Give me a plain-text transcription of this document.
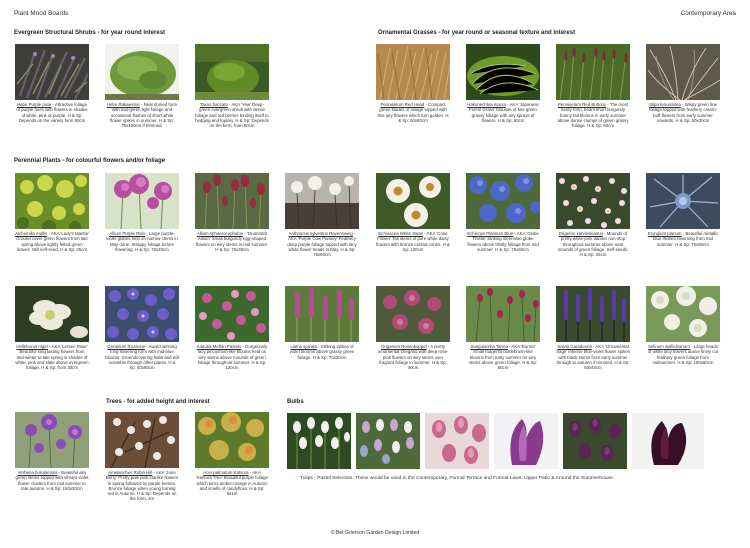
Plant Mood Boards	Contemporary Area
Evergreen Structural Shrubs - for year round interest	Ornamental Grasses - for year round or seasonal texture and interest
Perennial Plants - for colourful flowers and/or foliage
Trees - for added height and interest	Bulbs
Hebe Purple pixie - Attractive foliage of purple hues with flowers in shades of white, pink or purple. H & Sp: Depends on the variety form 60cm
Hebe Rakaiensis - Neat domed form with mid-green light foliage and occasional flushes of short white flower spikes in summer. H & Sp: 75x100cm if trimmed.
Taxus baccata - AKA 'Yew' Deep-green evergreen shrub with dense foliage and red berries lending itself to hedging and topiary. H & Sp: Depends on the form, from 60cm
Pennisetum Red Head - Compact green blades of foliage topped with fine airy flowers which turn golden. H & Sp: 60x60cm
Hakonechloa macra - AKA 'Japanese Forest Grass' Mounds of fine green grassy foliage with airy sprays of flowers. H & Sp: 50cm
Pennisetum Red Buttons - The most hardy form, bears short burgundy bunny tail blooms in early summer above dense clumps of green grassy foliage. H & Sp: 60cm
Stipa tenuissima - Wispy green fine foliage topped with feathery cream-buff flowers from early summer onwards. H & Sp: 50x30cm
Alchemilla mollis - AKA 'Lady's Mantle' Ground cover green flowers from late spring above lightly felted green leaves. Will self-seed. H & Sp: 45cm
Allium Purple Rain - Large purple-violet globes held on narrow stems in May-June. Strappy foliage before flowering. H & Sp: 70x20cm
Allium sphaerocephalon - 'Drumstick Allium' Small burgundy egg-shaped flowers on wiry stems in mid summer. H & Sp: 75x30cm
Anthriscus sylvestris Ravenswing - AKA 'Purple Cow Parsley' Feathery deep purple foliage topped with lacy white flower heads in May. H & Sp: 75x60cm
Echinacea White Swan - AKA 'Cone Flower' Tall stems of pure white daisy flowers with bronze central cones. H & Sp: 120cm
Echinops Platinum Blue - AKA 'Globe Thistle' Striking steel-blue globe flowers above thistly foliage from mid summer. H & Sp: 75x60cm
Erigeron karvinskianus - Mounds of pretty white-pink daisies non-stop throughout summer above neat mounds of green foliage. Self-seeds. H & Sp: 25cm
Eryngium planum - Beautiful metallic blue thistles blooming from mid summer. H & Sp: 75x60cm
Helleborus niger - AKA 'Lenten Rose' Beautiful long lasting flowers from mid-winter to late spring in shades of white, pink and slate above evergreen foliage. H & Sp: from 30cm
Geranium Rozanne - Award winning long flowering form with mid-blue blooms. Groundcovering habit and will scramble through other plants. H & Sp: 50x60cm
Knautia Melton Pastels - Gorgeously lacy pincushion-like blooms held on wiry stems above mounds of green foliage throughout summer. H & Sp: 120cm
Liatris spicata - Striking spikes of violet blooms above grassy green foliage. H & Sp: 70x20cm
Origanum Rosenkuppel - A pretty ornamental Oregano with deep rose-pink flowers on wiry stems over fragrant foliage in summer. H & Sp: 40cm
Sanguisorba Tanna - AKA 'Burnet' Small magenta bottlebrush-like blooms from early summer on wiry stems above green foliage. H & Sp: 60cm
Salvia Caradonna - AKA 'Ornamental Sage' Intense blue-violet flower spikes with black stems from early summer through to autumn if trimmed. H & Sp: 60x40cm
Selinum wallichianum - Large heads of white lacy flowers above finely cut feathery green foliage from midsummer. H & Sp: 100x60cm
Verbena bonariensis - Beautiful airy green stems topped with vibrant violet flower clusters from mid summer to late autumn. H & Sp: 150x30cm
Amelanchier Robin Hill - AKA 'June Berry' Pretty pale pink starlike flowers in spring followed by purple berries. Bronze foliage when young turning red in Autumn. H & Sp: Depends on the form, 4m
Acer palmatum Katsura - AKA 'Katsura Tree' Beautiful purple foliage which turns amber-orange in Autumn and smells of candyfloss. H & Sp: 5x1m
Tulips - Pastel Selection. These would be used in the Contemporary, Formal Terrace and Formal Lawn, Upper Patio & Around the Summerhouse.
© Bel Grierson Garden Design Limited
